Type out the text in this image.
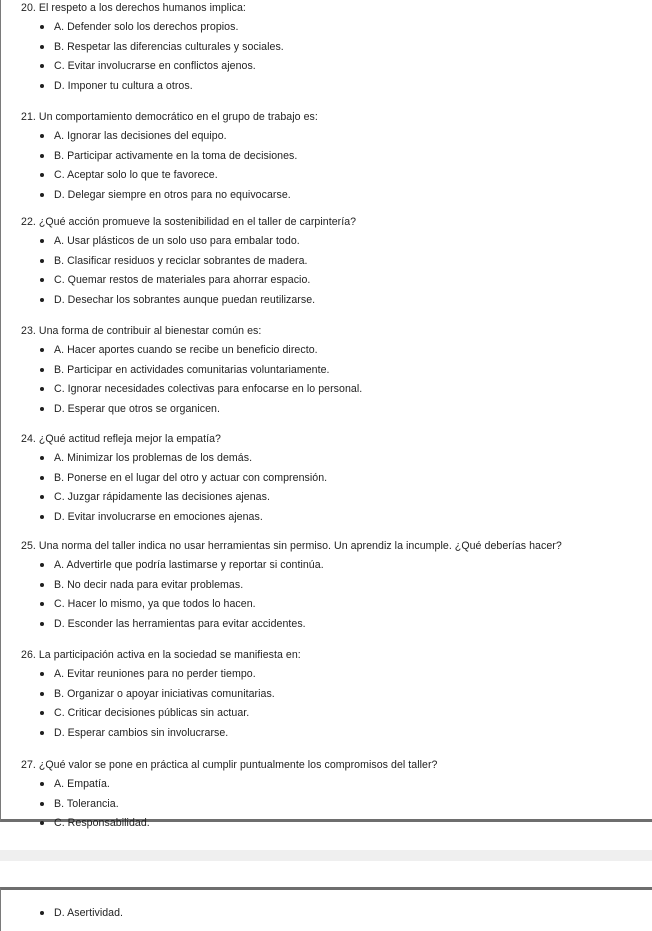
20. El respeto a los derechos humanos implica:
A. Defender solo los derechos propios.
B. Respetar las diferencias culturales y sociales.
C. Evitar involucrarse en conflictos ajenos.
D. Imponer tu cultura a otros.
21. Un comportamiento democrático en el grupo de trabajo es:
A. Ignorar las decisiones del equipo.
B. Participar activamente en la toma de decisiones.
C. Aceptar solo lo que te favorece.
D. Delegar siempre en otros para no equivocarse.
22. ¿Qué acción promueve la sostenibilidad en el taller de carpintería?
A. Usar plásticos de un solo uso para embalar todo.
B. Clasificar residuos y reciclar sobrantes de madera.
C. Quemar restos de materiales para ahorrar espacio.
D. Desechar los sobrantes aunque puedan reutilizarse.
23. Una forma de contribuir al bienestar común es:
A. Hacer aportes cuando se recibe un beneficio directo.
B. Participar en actividades comunitarias voluntariamente.
C. Ignorar necesidades colectivas para enfocarse en lo personal.
D. Esperar que otros se organicen.
24. ¿Qué actitud refleja mejor la empatía?
A. Minimizar los problemas de los demás.
B. Ponerse en el lugar del otro y actuar con comprensión.
C. Juzgar rápidamente las decisiones ajenas.
D. Evitar involucrarse en emociones ajenas.
25. Una norma del taller indica no usar herramientas sin permiso. Un aprendiz la incumple. ¿Qué deberías hacer?
A. Advertirle que podría lastimarse y reportar si continúa.
B. No decir nada para evitar problemas.
C. Hacer lo mismo, ya que todos lo hacen.
D. Esconder las herramientas para evitar accidentes.
26. La participación activa en la sociedad se manifiesta en:
A. Evitar reuniones para no perder tiempo.
B. Organizar o apoyar iniciativas comunitarias.
C. Criticar decisiones públicas sin actuar.
D. Esperar cambios sin involucrarse.
27. ¿Qué valor se pone en práctica al cumplir puntualmente los compromisos del taller?
A. Empatía.
B. Tolerancia.
C. Responsabilidad.
D. Asertividad.
